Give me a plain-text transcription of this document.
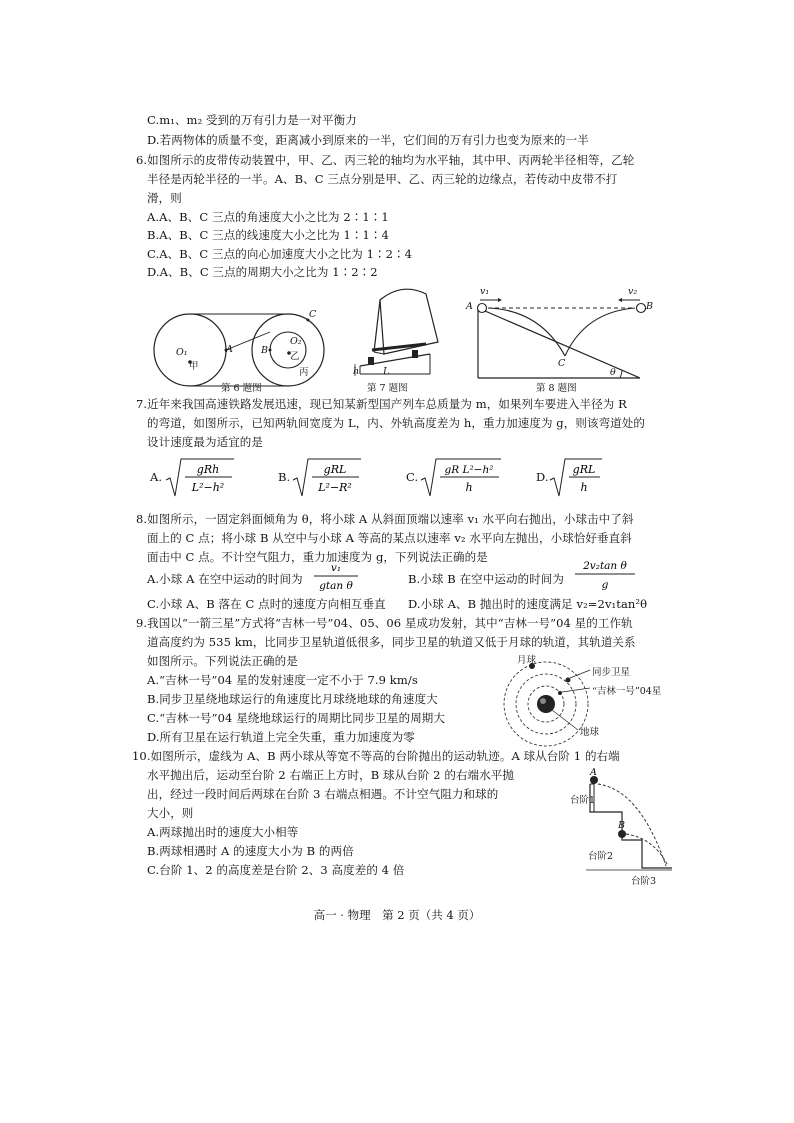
C.m₁、m₂ 受到的万有引力是一对平衡力
D.若两物体的质量不变，距离减小到原来的一半，它们间的万有引力也变为原来的一半
6.如图所示的皮带传动装置中，甲、乙、丙三轮的轴均为水平轴，其中甲、丙两轮半径相等，乙轮
半径是丙轮半径的一半。A、B、C 三点分别是甲、乙、丙三轮的边缘点，若传动中皮带不打
滑，则
A.A、B、C 三点的角速度大小之比为 2∶1∶1
B.A、B、C 三点的线速度大小之比为 1∶1∶4
C.A、B、C 三点的向心加速度大小之比为 1∶2∶4
D.A、B、C 三点的周期大小之比为 1∶2∶2
O₁
甲
A	B
C
O₂
乙
丙
第 6 题图
h	L
第 7 题图
v₁	v₂
A	B
C
θ
第 8 题图
7.近年来我国高速铁路发展迅速，现已知某新型国产列车总质量为 m，如果列车要进入半径为 R
的弯道，如图所示，已知两轨间宽度为 L，内、外轨高度差为 h，重力加速度为 g，则该弯道处的
设计速度最为适宜的是
A.
gRh
L²−h²
B.
gRL
L²−R²
C.	gR L²−h²
h
D.
gRL
h
8.如图所示，一固定斜面倾角为 θ，将小球 A 从斜面顶端以速率 v₁ 水平向右抛出，小球击中了斜
面上的 C 点；将小球 B 从空中与小球 A 等高的某点以速率 v₂ 水平向左抛出，小球恰好垂直斜
面击中 C 点。不计空气阻力，重力加速度为 g，下列说法正确的是
A.小球 A 在空中运动的时间为
v₁
gtan θ	B.小球 B 在空中运动的时间为
2v₂tan θ
g
C.小球 A、B 落在 C 点时的速度方向相互垂直 D.小球 A、B 抛出时的速度满足 v₂=2v₁tan²θ
9.我国以“一箭三星”方式将“吉林一号”04、05、06 星成功发射，其中“吉林一号”04 星的工作轨
道高度约为 535 km，比同步卫星轨道低很多，同步卫星的轨道又低于月球的轨道，其轨道关系
如图所示。下列说法正确的是
A.“吉林一号”04 星的发射速度一定不小于 7.9 km/s
B.同步卫星绕地球运行的角速度比月球绕地球的角速度大
C.“吉林一号”04 星绕地球运行的周期比同步卫星的周期大
D.所有卫星在运行轨道上完全失重，重力加速度为零
月球
同步卫星
“吉林一号”04星
地球
10.如图所示，虚线为 A、B 两小球从等宽不等高的台阶抛出的运动轨迹。A 球从台阶 1 的右端
水平抛出后，运动至台阶 2 右端正上方时，B 球从台阶 2 的右端水平抛
出，经过一段时间后两球在台阶 3 右端点相遇。不计空气阻力和球的
大小，则
A.两球抛出时的速度大小相等
B.两球相遇时 A 的速度大小为 B 的两倍
C.台阶 1、2 的高度差是台阶 2、3 高度差的 4 倍
A
B
台阶1
台阶2
台阶3
高一 · 物理　第 2 页（共 4 页）
